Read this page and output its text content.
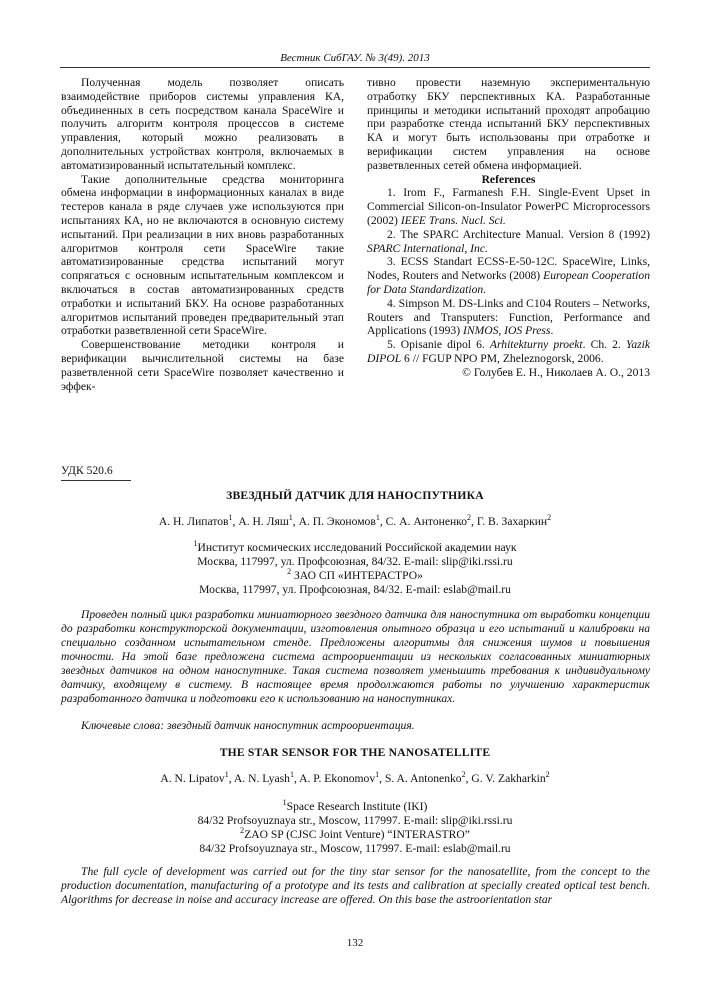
Вестник СибГАУ. № 3(49). 2013

Полученная модель позволяет описать взаимодействие приборов системы управления КА, объединенных в сеть посредством канала SpaceWire и получить алгоритм контроля процессов в системе управления, который можно реализовать в дополнительных устройствах контроля, включаемых в автоматизированный испытательный комплекс.

Такие дополнительные средства мониторинга обмена информации в информационных каналах в виде тестеров канала в ряде случаев уже используются при испытаниях КА, но не включаются в основную систему испытаний. При реализации в них вновь разработанных алгоритмов контроля сети SpaceWire такие автоматизированные средства испытаний могут сопрягаться с основным испытательным комплексом и включаться в состав автоматизированных средств отработки и испытаний БКУ. На основе разработанных алгоритмов испытаний проведен предварительный этап отработки разветвленной сети SpaceWire.

Совершенствование методики контроля и верификации вычислительной системы на базе разветвленной сети SpaceWire позволяет качественно и эффек-

тивно провести наземную экспериментальную отработку БКУ перспективных КА. Разработанные принципы и методики испытаний проходят апробацию при разработке стенда испытаний БКУ перспективных КА и могут быть использованы при отработке и верификации систем управления на основе разветвленных сетей обмена информацией.

References

1. Irom F., Farmanesh F.H. Single-Event Upset in Commercial Silicon-on-Insulator PowerPC Microprocessors (2002) IEEE Trans. Nucl. Sci.

2. The SPARC Architecture Manual. Version 8 (1992) SPARC International, Inc.

3. ECSS Standart ECSS-E-50-12C. SpaceWire, Links, Nodes, Routers and Networks (2008) European Cooperation for Data Standardization.

4. Simpson M. DS-Links and C104 Routers – Networks, Routers and Transputers: Function, Performance and Applications (1993) INMOS, IOS Press.

5. Opisanie dipol 6. Arhitekturny proekt. Ch. 2. Yazik DIPOL 6 // FGUP NPO PM, Zheleznogorsk, 2006.

© Голубев Е. Н., Николаев А. О., 2013

УДК 520.6
ЗВЕЗДНЫЙ ДАТЧИК ДЛЯ НАНОСПУТНИКА
А. Н. Липатов$^1$, А. Н. Ляш$^1$, А. П. Экономов$^1$, С. А. Антоненко$^2$, Г. В. Захаркин$^2$
$^1$Институт космических исследований Российской академии наук
Москва, 117997, ул. Профсоюзная, 84/32. E-mail: slip@iki.rssi.ru
$^2$ ЗАО СП «ИНТЕРАСТРО»
Москва, 117997, ул. Профсоюзная, 84/32. E-mail: eslab@mail.ru
Проведен полный цикл разработки миниатюрного звездного датчика для наноспутника от выработки концепции до разработки конструкторской документации, изготовления опытного образца и его испытаний и калибровки на специально созданном испытательном стенде. Предложены алгоритмы для снижения шумов и повышения точности. На этой базе предложена система астроориентации из нескольких согласованных миниатюрных звездных датчиков на одном наноспутнике. Такая система позволяет уменьшить требования к индивидуальному датчику, входящему в систему. В настоящее время продолжаются работы по улучшению характеристик разработанного датчика и подготовки его к использованию на наноспутниках.
Ключевые слова: звездный датчик наноспутник астроориентация.
THE STAR SENSOR FOR THE NANOSATELLITE
A. N. Lipatov$^1$, A. N. Lyash$^1$, A. P. Ekonomov$^1$, S. A. Antonenko$^2$, G. V. Zakharkin$^2$
$^1$Space Research Institute (IKI)
84/32 Profsoyuznaya str., Moscow, 117997. E-mail: slip@iki.rssi.ru
$^2$ZAO SP (CJSC Joint Venture) “INTERASTRO”
84/32 Profsoyuznaya str., Moscow, 117997. E-mail: eslab@mail.ru
The full cycle of development was carried out for the tiny star sensor for the nanosatellite, from the concept to the production documentation, manufacturing of a prototype and its tests and calibration at specially created optical test bench. Algorithms for decrease in noise and accuracy increase are offered. On this base the astroorientation star
132
